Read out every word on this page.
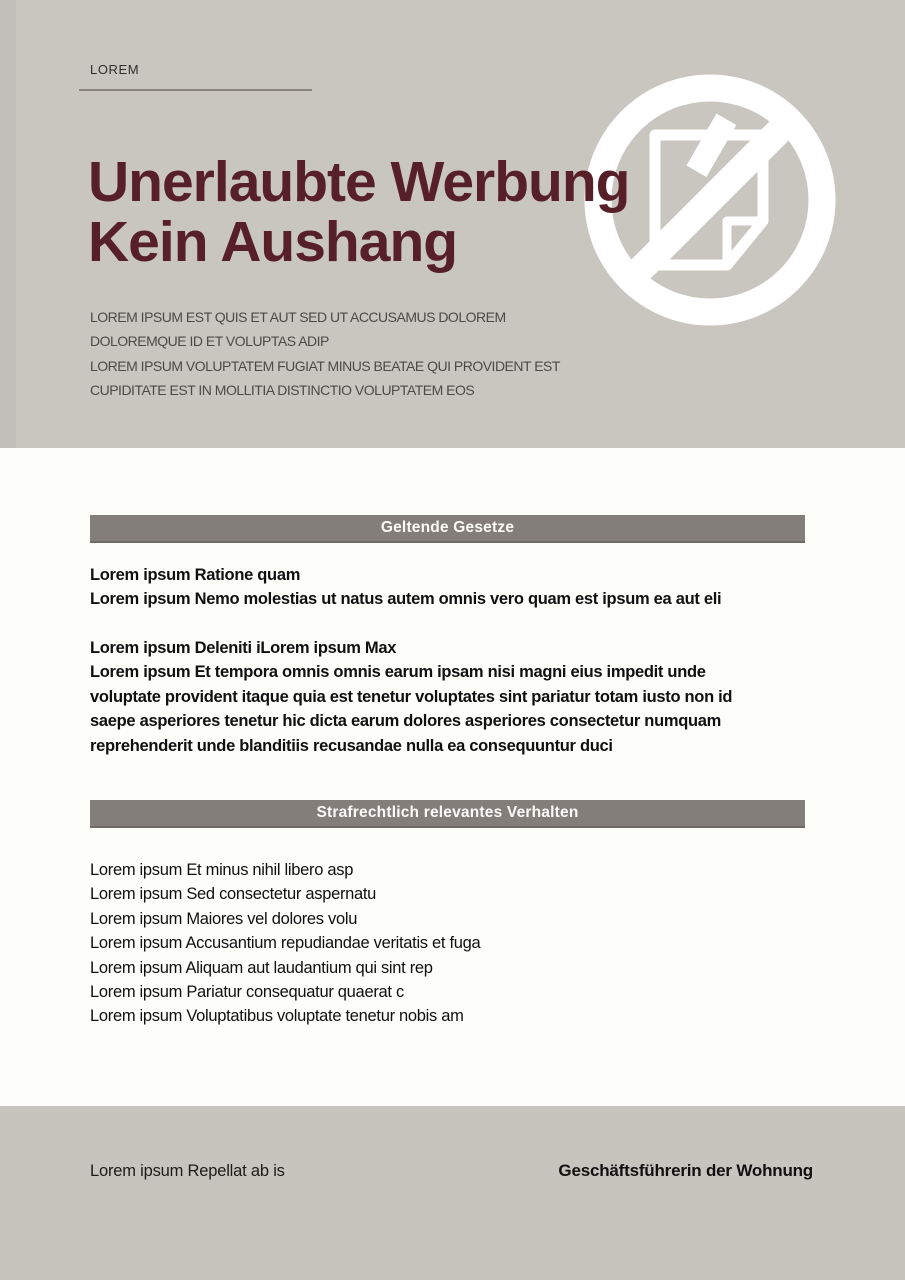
LOREM
Unerlaubte Werbung
Kein Aushang
LOREM IPSUM EST QUIS ET AUT SED UT ACCUSAMUS DOLOREM
DOLOREMQUE ID ET VOLUPTAS ADIP
LOREM IPSUM VOLUPTATEM FUGIAT MINUS BEATAE QUI PROVIDENT EST
CUPIDITATE EST IN MOLLITIA DISTINCTIO VOLUPTATEM EOS
Geltende Gesetze
Lorem ipsum Ratione quam
Lorem ipsum Nemo molestias ut natus autem omnis vero quam est ipsum ea aut eli
Lorem ipsum Deleniti iLorem ipsum Max
Lorem ipsum Et tempora omnis omnis earum ipsam nisi magni eius impedit unde
voluptate provident itaque quia est tenetur voluptates sint pariatur totam iusto non id
saepe asperiores tenetur hic dicta earum dolores asperiores consectetur numquam
reprehenderit unde blanditiis recusandae nulla ea consequuntur duci
Strafrechtlich relevantes Verhalten
Lorem ipsum Et minus nihil libero asp
Lorem ipsum Sed consectetur aspernatu
Lorem ipsum Maiores vel dolores volu
Lorem ipsum Accusantium repudiandae veritatis et fuga
Lorem ipsum Aliquam aut laudantium qui sint rep
Lorem ipsum Pariatur consequatur quaerat c
Lorem ipsum Voluptatibus voluptate tenetur nobis am
Lorem ipsum Repellat ab is	Geschäftsführerin der Wohnung
